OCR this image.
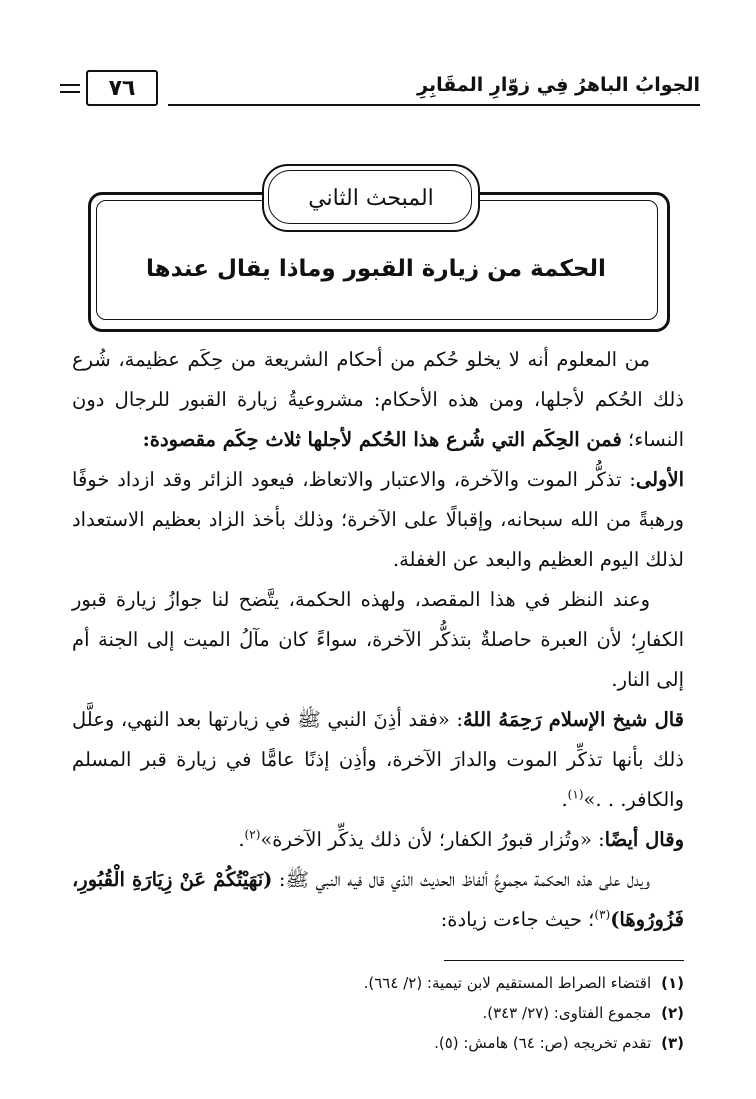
الجوابُ الباهرُ فِي زوّارِ المقَابِرِ
٧٦
المبحث الثاني
الحكمة من زيارة القبور وماذا يقال عندها

من المعلوم أنه لا يخلو حُكم من أحكام الشريعة من حِكَم عظيمة، شُرع ذلك الحُكم لأجلها، ومن هذه الأحكام: مشروعيةُ زيارة القبور للرجال دون النساء؛ فمن الحِكَم التي شُرع هذا الحُكم لأجلها ثلاث حِكَم مقصودة:

الأولى: تذكُّر الموت والآخرة، والاعتبار والاتعاظ، فيعود الزائر وقد ازداد خوفًا ورهبةً من الله سبحانه، وإقبالًا على الآخرة؛ وذلك بأخذ الزاد بعظيم الاستعداد لذلك اليوم العظيم والبعد عن الغفلة.

وعند النظر في هذا المقصد، ولهذه الحكمة، يتَّضح لنا جوازُ زيارة قبور الكفارِ؛ لأن العبرة حاصلةٌ بتذكُّر الآخرة، سواءً كان مآلُ الميت إلى الجنة أم إلى النار.

قال شيخ الإسلام رَحِمَهُ اللهُ: «فقد أذِنَ النبي ﷺ في زيارتها بعد النهي، وعلَّل ذلك بأنها تذكِّر الموت والدارَ الآخرة، وأذِن إذنًا عامًّا في زيارة قبر المسلم والكافر. . .»$^{(١)}$.

وقال أيضًا: «وتُزار قبورُ الكفار؛ لأن ذلك يذكِّر الآخرة»$^{(٢)}$.

ويدل على هذه الحكمة مجموعُ ألفاظ الحديث الذي قال فيه النبي ﷺ: (نَهَيْتُكُمْ عَنْ زِيَارَةِ الْقُبُورِ، فَزُورُوهَا)$^{(٣)}$؛ حيث جاءت زيادة:

(١)اقتضاء الصراط المستقيم لابن تيمية: (٢/ ٦٦٤).
(٢)مجموع الفتاوى: (٢٧/ ٣٤٣).
(٣)تقدم تخريجه (ص: ٦٤) هامش: (٥).
